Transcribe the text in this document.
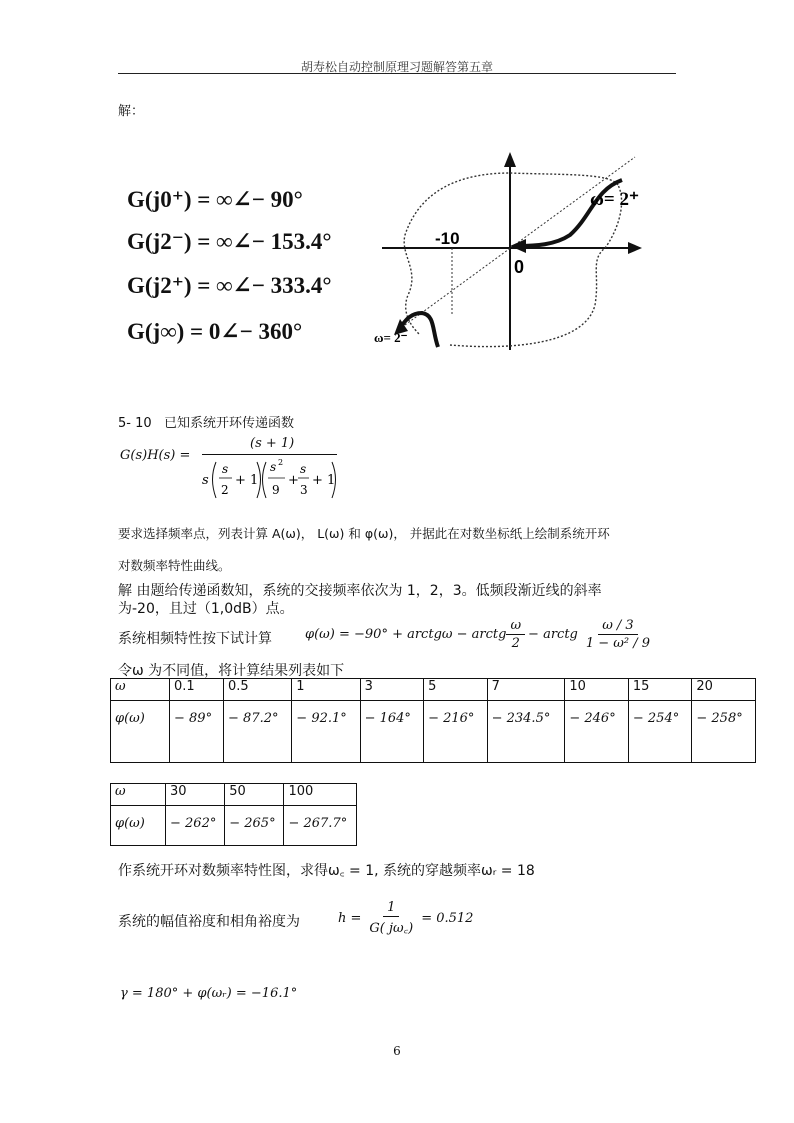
胡寿松自动控制原理习题解答第五章
解：
G(j0⁺) = ∞∠− 90°
G(j2⁻) = ∞∠− 153.4°
G(j2⁺) = ∞∠− 333.4°
G(j∞) = 0∠− 360°
-10
0
ω= 2⁺
ω= 2⁻
5- 10 已知系统开环传递函数
G(s)H(s) =
(s + 1)
s
s
2
+ 1
s 2
9
+
s
3
+ 1
要求选择频率点，列表计算 A(ω)， L(ω) 和 φ(ω)， 并据此在对数坐标纸上绘制系统开环
对数频率特性曲线。
解 由题给传递函数知，系统的交接频率依次为 1，2，3。低频段渐近线的斜率
为-20，且过（1,0dB）点。
系统相频特性按下试计算	φ(ω) = −90° + arctgω − arctg $\frac{\omega}{2}$ − arctg $\frac{\omega / 3}{\text{1 − ω² / 9}}$
令ω 为不同值，将计算结果列表如下
ω	0.1	0.5	1	3	5	7	10	15	20
φ(ω)	− 89°	− 87.2°	− 92.1°	− 164°	− 216°	− 234.5°	− 246°	− 254°	− 258°
ω	30	50	100
φ(ω)	− 262°	− 265°	− 267.7°
作系统开环对数频率特性图，求得ω꜀ = 1, 系统的穿越频率ωᵣ = 18
系统的幅值裕度和相角裕度为	$h = \frac{1}{G( j\omega꜀)} = 0.512$
γ = 180° + φ(ωᵣ) = −16.1°
6
